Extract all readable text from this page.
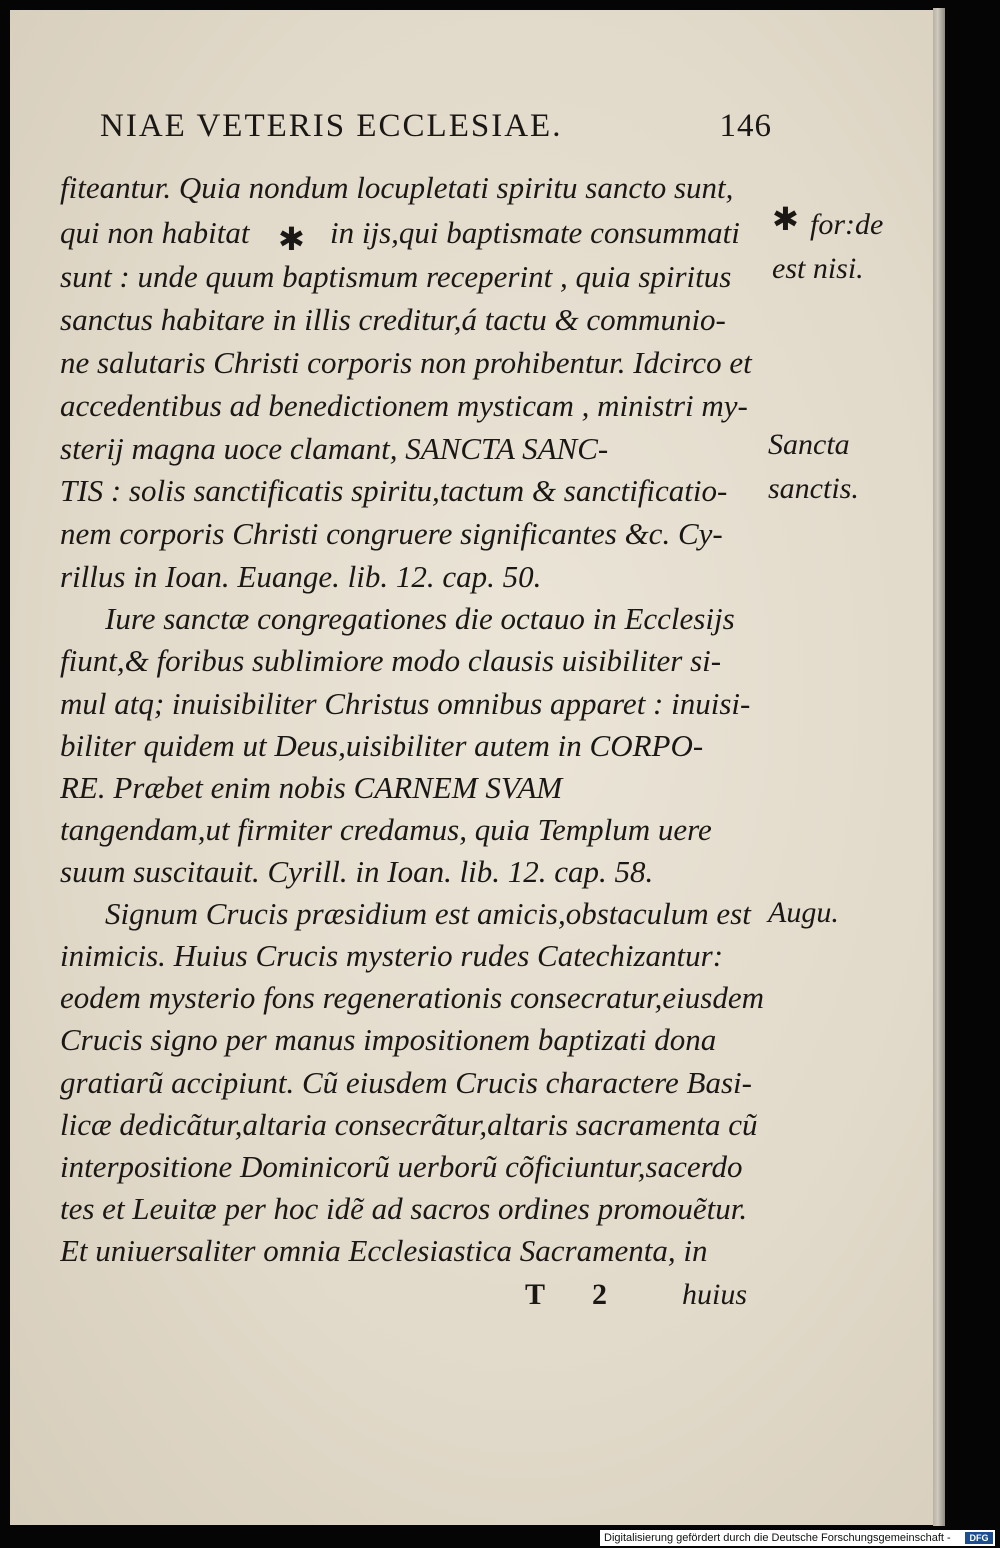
NIAE VETERIS ECCLESIAE.	146
fiteantur. Quia nondum locupletati spiritu sancto sunt,
qui non habitat ✱ in ijs,qui baptismate consummati
sunt : unde quum baptismum receperint , quia spiritus
sanctus habitare in illis creditur,á tactu & communio-
ne salutaris Christi corporis non prohibentur. Idcirco et
accedentibus ad benedictionem mysticam , ministri my-
sterij magna uoce clamant, SANCTA SANC-
TIS : solis sanctificatis spiritu,tactum & sanctificatio-
nem corporis Christi congruere significantes &c. Cy-
rillus in Ioan. Euange. lib. 12. cap. 50.
Iure sanctæ congregationes die octauo in Ecclesijs
fiunt,& foribus sublimiore modo clausis uisibiliter si-
mul atq; inuisibiliter Christus omnibus apparet : inuisi-
biliter quidem ut Deus,uisibiliter autem in CORPO-
RE. Præbet enim nobis CARNEM SVAM
tangendam,ut firmiter credamus, quia Templum uere
suum suscitauit. Cyrill. in Ioan. lib. 12. cap. 58.
Signum Crucis præsidium est amicis,obstaculum est
inimicis. Huius Crucis mysterio rudes Catechizantur:
eodem mysterio fons regenerationis consecratur,eiusdem
Crucis signo per manus impositionem baptizati dona
gratiarũ accipiunt. Cũ eiusdem Crucis charactere Basi-
licæ dedicãtur,altaria consecrãtur,altaris sacramenta cũ
interpositione Dominicorũ uerborũ cõficiuntur,sacerdo
tes et Leuitæ per hoc idẽ ad sacros ordines promouẽtur.
Et uniuersaliter omnia Ecclesiastica Sacramenta, in
✱ for:de
est nisi.
Sancta
sanctis.
Augu.
T 2	huius
Digitalisierung gefördert durch die Deutsche Forschungsgemeinschaft -	DFG
